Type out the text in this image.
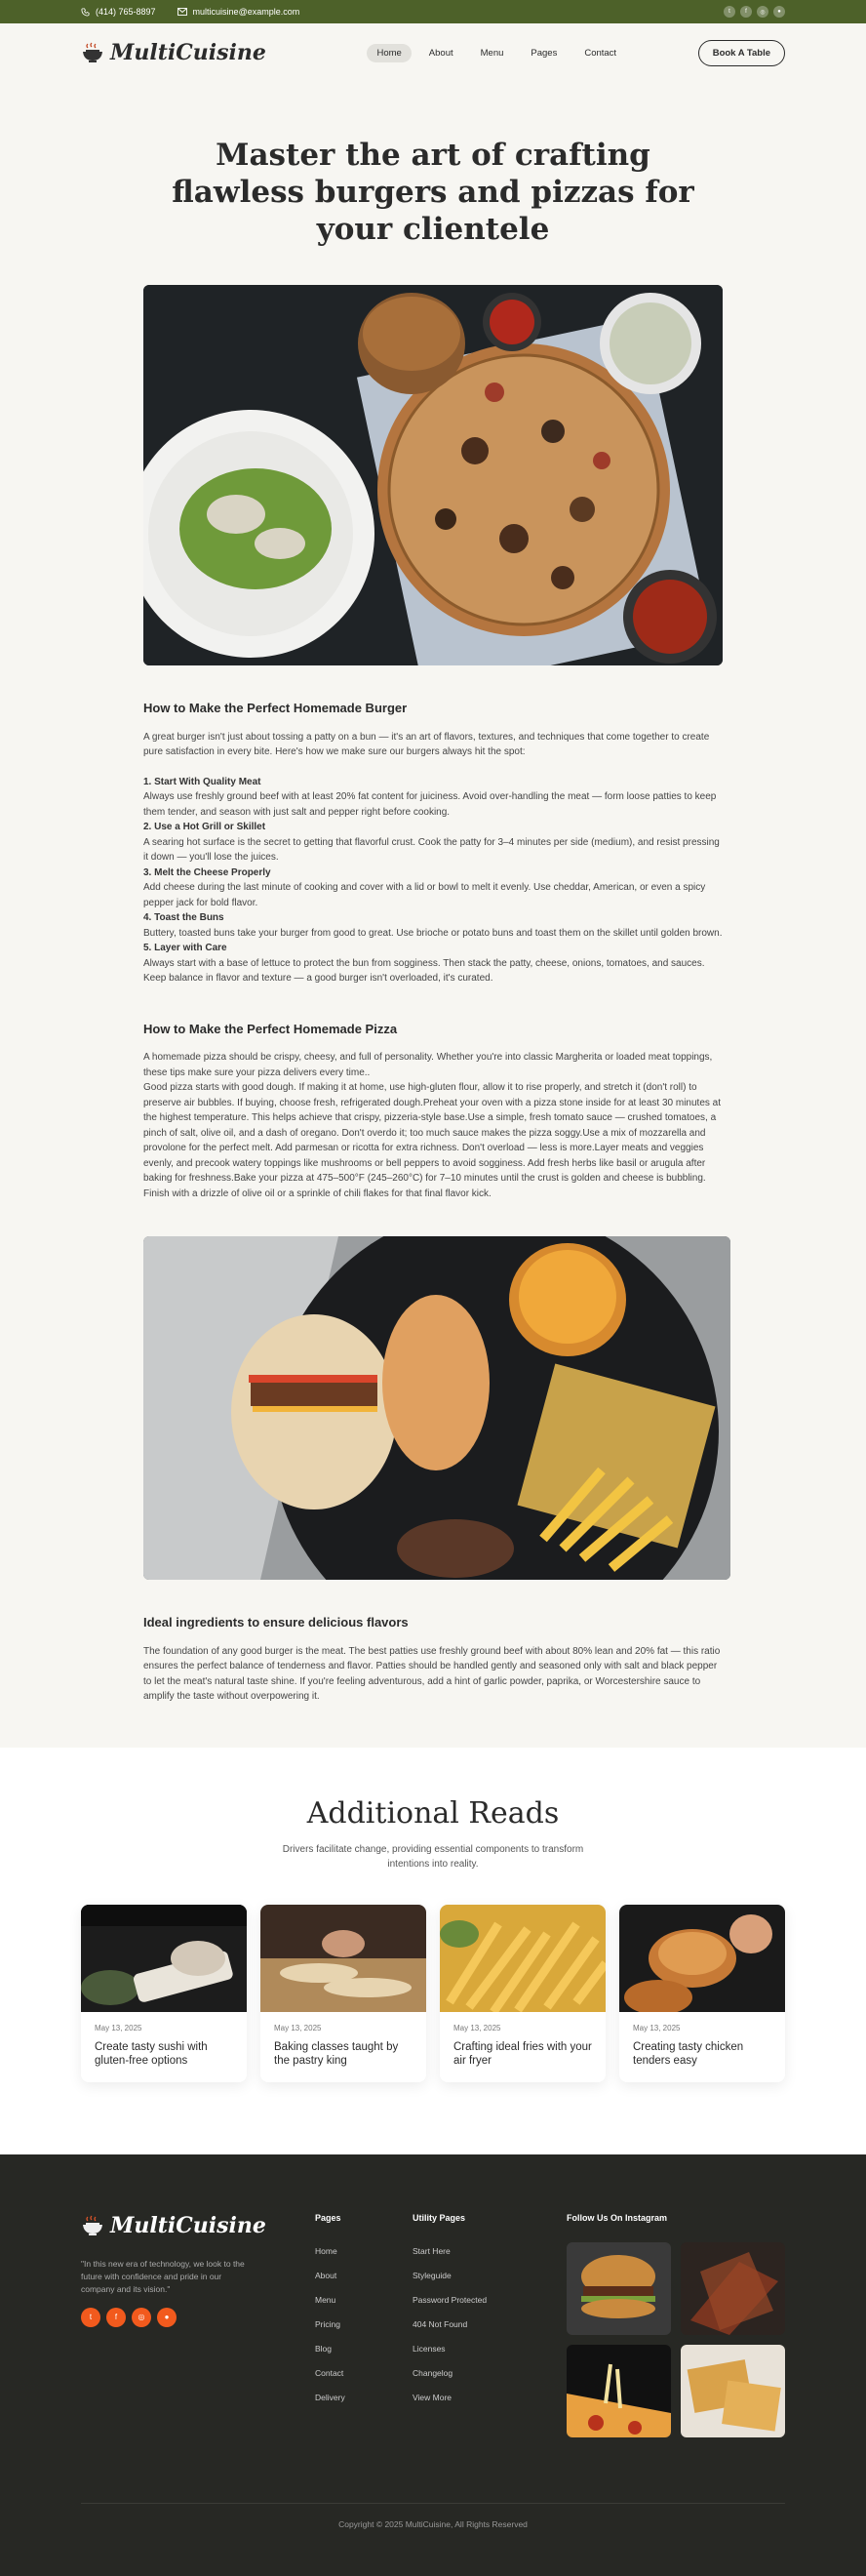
(414) 765-8897	multicuisine@example.com	t	f	◎	●
MultiCuisine	Home	About	Menu	Pages	Contact	Book A Table
Master the art of crafting flawless burgers and pizzas for your clientele
How to Make the Perfect Homemade Burger

A great burger isn't just about tossing a patty on a bun — it's an art of flavors, textures, and techniques that come together to create pure satisfaction in every bite. Here's how we make sure our burgers always hit the spot:

1. Start With Quality Meat

Always use freshly ground beef with at least 20% fat content for juiciness. Avoid over-handling the meat — form loose patties to keep them tender, and season with just salt and pepper right before cooking.

2. Use a Hot Grill or Skillet

A searing hot surface is the secret to getting that flavorful crust. Cook the patty for 3–4 minutes per side (medium), and resist pressing it down — you'll lose the juices.

3. Melt the Cheese Properly

Add cheese during the last minute of cooking and cover with a lid or bowl to melt it evenly. Use cheddar, American, or even a spicy pepper jack for bold flavor.

4. Toast the Buns

Buttery, toasted buns take your burger from good to great. Use brioche or potato buns and toast them on the skillet until golden brown.

5. Layer with Care

Always start with a base of lettuce to protect the bun from sogginess. Then stack the patty, cheese, onions, tomatoes, and sauces. Keep balance in flavor and texture — a good burger isn't overloaded, it's curated.

How to Make the Perfect Homemade Pizza

A homemade pizza should be crispy, cheesy, and full of personality. Whether you're into classic Margherita or loaded meat toppings, these tips make sure your pizza delivers every time..

Good pizza starts with good dough. If making it at home, use high-gluten flour, allow it to rise properly, and stretch it (don't roll) to preserve air bubbles. If buying, choose fresh, refrigerated dough.Preheat your oven with a pizza stone inside for at least 30 minutes at the highest temperature. This helps achieve that crispy, pizzeria-style base.Use a simple, fresh tomato sauce — crushed tomatoes, a pinch of salt, olive oil, and a dash of oregano. Don't overdo it; too much sauce makes the pizza soggy.Use a mix of mozzarella and provolone for the perfect melt. Add parmesan or ricotta for extra richness. Don't overload — less is more.Layer meats and veggies evenly, and precook watery toppings like mushrooms or bell peppers to avoid sogginess. Add fresh herbs like basil or arugula after baking for freshness.Bake your pizza at 475–500°F (245–260°C) for 7–10 minutes until the crust is golden and cheese is bubbling. Finish with a drizzle of olive oil or a sprinkle of chili flakes for that final flavor kick.

Ideal ingredients to ensure delicious flavors

The foundation of any good burger is the meat. The best patties use freshly ground beef with about 80% lean and 20% fat — this ratio ensures the perfect balance of tenderness and flavor. Patties should be handled gently and seasoned only with salt and black pepper to let the meat's natural taste shine. If you're feeling adventurous, add a hint of garlic powder, paprika, or Worcestershire sauce to amplify the taste without overpowering it.

Additional Reads

Drivers facilitate change, providing essential components to transform intentions into reality.

May 13, 2025
Create tasty sushi with gluten-free options
May 13, 2025
Baking classes taught by the pastry king
May 13, 2025
Crafting ideal fries with your air fryer
May 13, 2025
Creating tasty chicken tenders easy
MultiCuisine

"In this new era of technology, we look to the future with confidence and pride in our company and its vision."

t	f	◎	●
Pages
Home
About
Menu
Pricing
Blog
Contact
Delivery
Utility Pages
Start Here
Styleguide
Password Protected
404 Not Found
Licenses
Changelog
View More
Follow Us On Instagram
Copyright © 2025 MultiCuisine, All Rights Reserved
